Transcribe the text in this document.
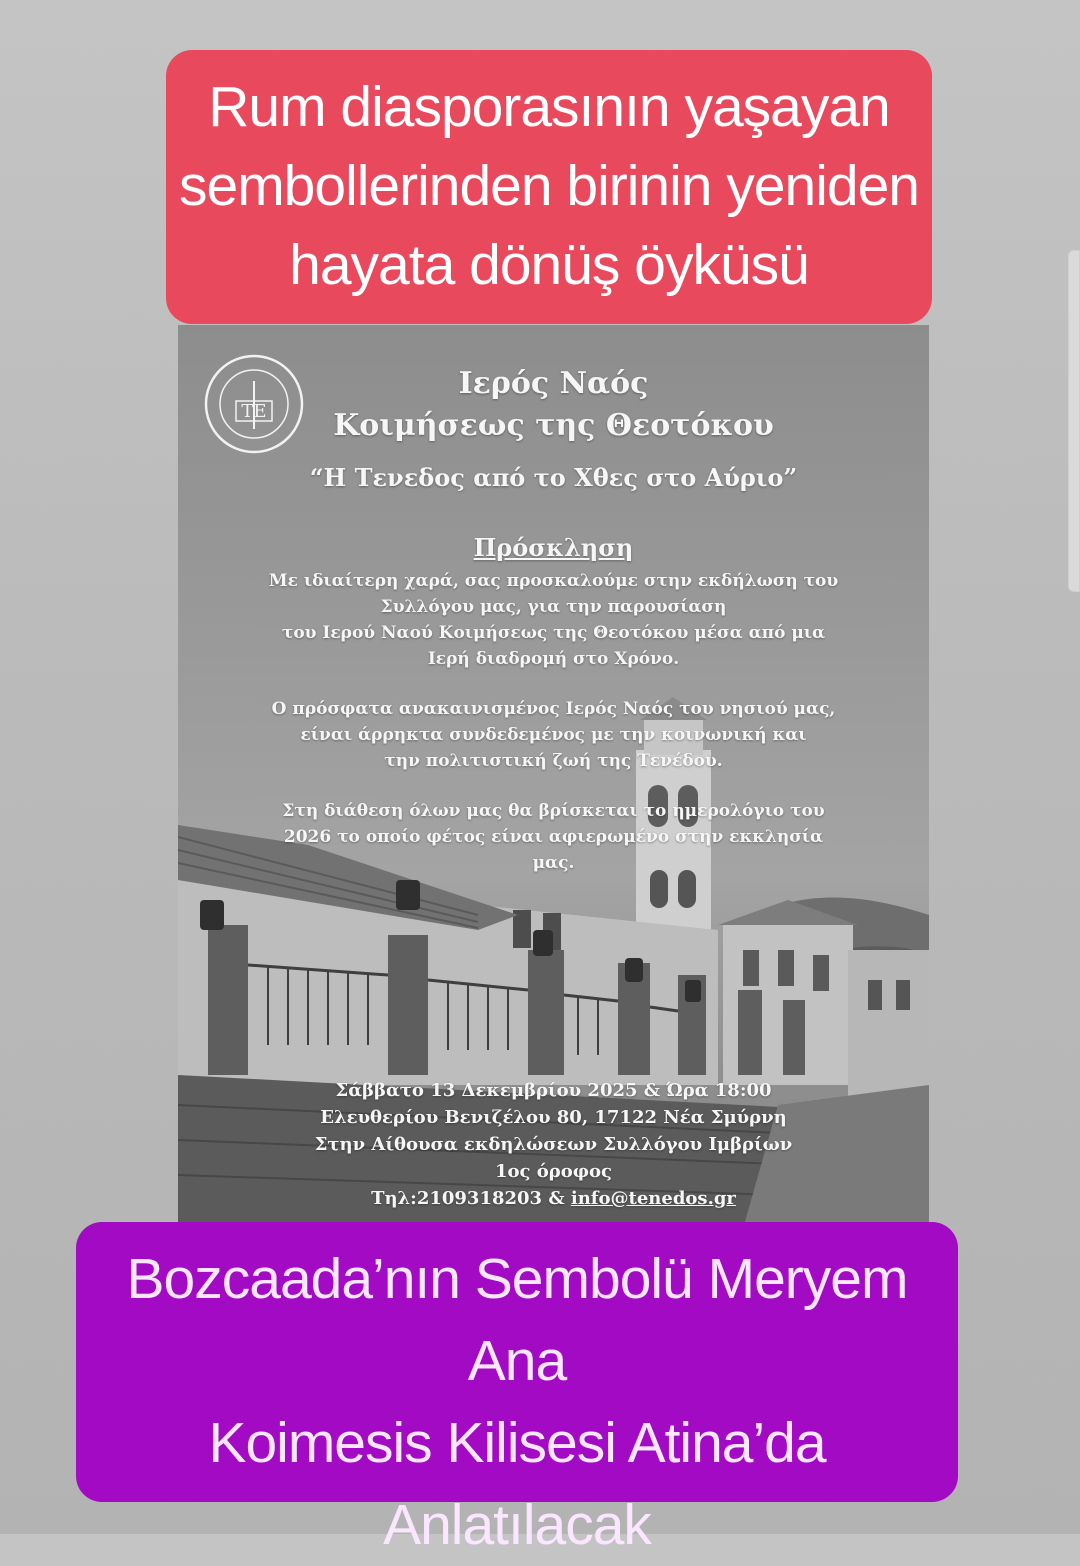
ΤΕ
Ιερός Ναός
Κοιμήσεως της Θεοτόκου
“Η Τενεδος από το Χθες στο Αύριο”
Πρόσκληση
Με ιδιαίτερη χαρά, σας προσκαλούμε στην εκδήλωση του
Συλλόγου μας, για την παρουσίαση
του Ιερού Ναού Κοιμήσεως της Θεοτόκου μέσα από μια
Ιερή διαδρομή στο Χρόνο.
Ο πρόσφατα ανακαινισμένος Ιερός Ναός του νησιού μας,
είναι άρρηκτα συνδεδεμένος με την κοινωνική και
την πολιτιστική ζωή της Τενέδου.
Στη διάθεση όλων μας θα βρίσκεται το ημερολόγιο του
2026 το οποίο φέτος είναι αφιερωμένο στην εκκλησία
μας.
Σάββατο 13 Δεκεμβρίου 2025 & Ώρα 18:00
Ελευθερίου Βενιζέλου 80, 17122 Νέα Σμύρνη
Στην Αίθουσα εκδηλώσεων Συλλόγου Ιμβρίων
1ος όροφος
Τηλ:2109318203 & info@tenedos.gr
Rum diasporasının yaşayan
sembollerinden birinin yeniden
hayata dönüş öyküsü
Bozcaada’nın Sembolü Meryem Ana
Koimesis Kilisesi Atina’da
Anlatılacak
